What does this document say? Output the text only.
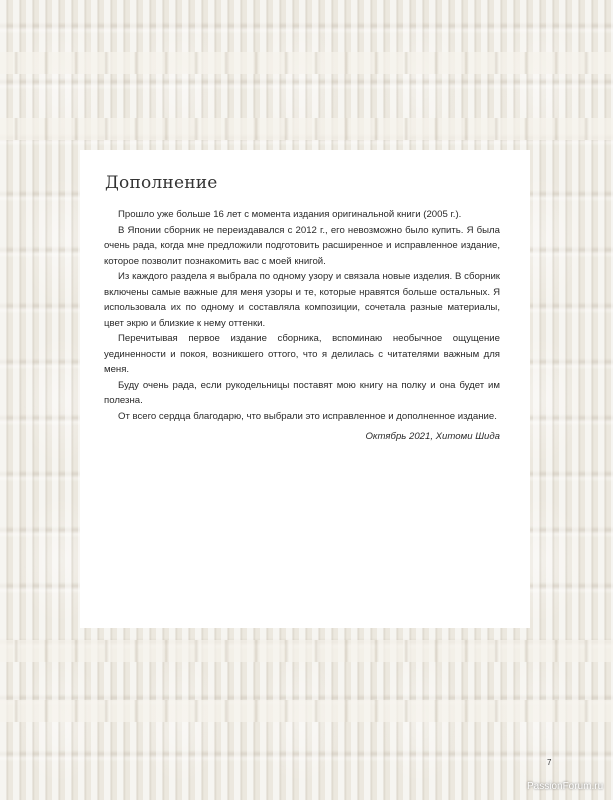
Дополнение

Прошло уже больше 16 лет с момента издания оригинальной книги (2005 г.).

В Японии сборник не переиздавался с 2012 г., его невозможно было купить. Я была очень рада, когда мне предложили подготовить расширенное и исправленное издание, которое позволит познакомить вас с моей книгой.

Из каждого раздела я выбрала по одному узору и связала новые изделия. В сборник включены самые важные для меня узоры и те, которые нравятся больше остальных. Я использовала их по одному и составляла композиции, сочетала разные материалы, цвет экрю и близкие к нему оттенки.

Перечитывая первое издание сборника, вспоминаю необычное ощущение уединенности и покоя, возникшего оттого, что я делилась с читателями важным для меня.

Буду очень рада, если рукодельницы поставят мою книгу на полку и она будет им полезна.

От всего сердца благодарю, что выбрали это исправленное и дополненное издание.

Октябрь 2021, Хитоми Шида
7
PassionForum.ru
